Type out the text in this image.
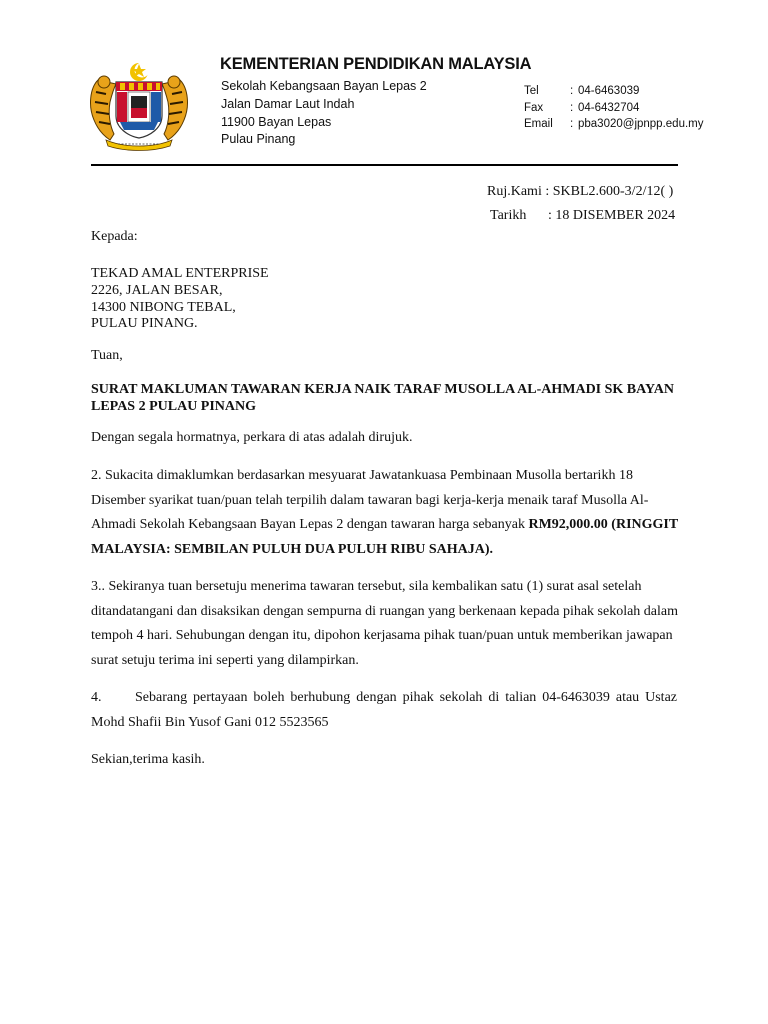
KEMENTERIAN PENDIDIKAN MALAYSIA
Sekolah Kebangsaan Bayan Lepas 2
Jalan Damar Laut Indah
11900 Bayan Lepas
Pulau Pinang
Tel	: 04-6463039
Fax : 04-6432704
Email : pba3020@jpnpp.edu.my
Ruj.Kami : SKBL2.600-3/2/12( )
Tarikh : 18 DISEMBER 2024
Kepada:
TEKAD AMAL ENTERPRISE
2226, JALAN BESAR,
14300 NIBONG TEBAL,
PULAU PINANG.
Tuan,
SURAT MAKLUMAN TAWARAN KERJA NAIK TARAF MUSOLLA AL-AHMADI SK BAYAN LEPAS 2 PULAU PINANG
Dengan segala hormatnya, perkara di atas adalah dirujuk.
2. Sukacita dimaklumkan berdasarkan mesyuarat Jawatankuasa Pembinaan Musolla bertarikh 18 Disember syarikat tuan/puan telah terpilih dalam tawaran bagi kerja-kerja menaik taraf Musolla Al-Ahmadi Sekolah Kebangsaan Bayan Lepas 2 dengan tawaran harga sebanyak RM92,000.00 (RINGGIT MALAYSIA: SEMBILAN PULUH DUA PULUH RIBU SAHAJA).
3.. Sekiranya tuan bersetuju menerima tawaran tersebut, sila kembalikan satu (1) surat asal setelah ditandatangani dan disaksikan dengan sempurna di ruangan yang berkenaan kepada pihak sekolah dalam tempoh 4 hari. Sehubungan dengan itu, dipohon kerjasama pihak tuan/puan untuk memberikan jawapan surat setuju terima ini seperti yang dilampirkan.
4. Sebarang pertayaan boleh berhubung dengan pihak sekolah di talian 04-6463039 atau Ustaz Mohd Shafii Bin Yusof Gani 012 5523565
Sekian,terima kasih.
